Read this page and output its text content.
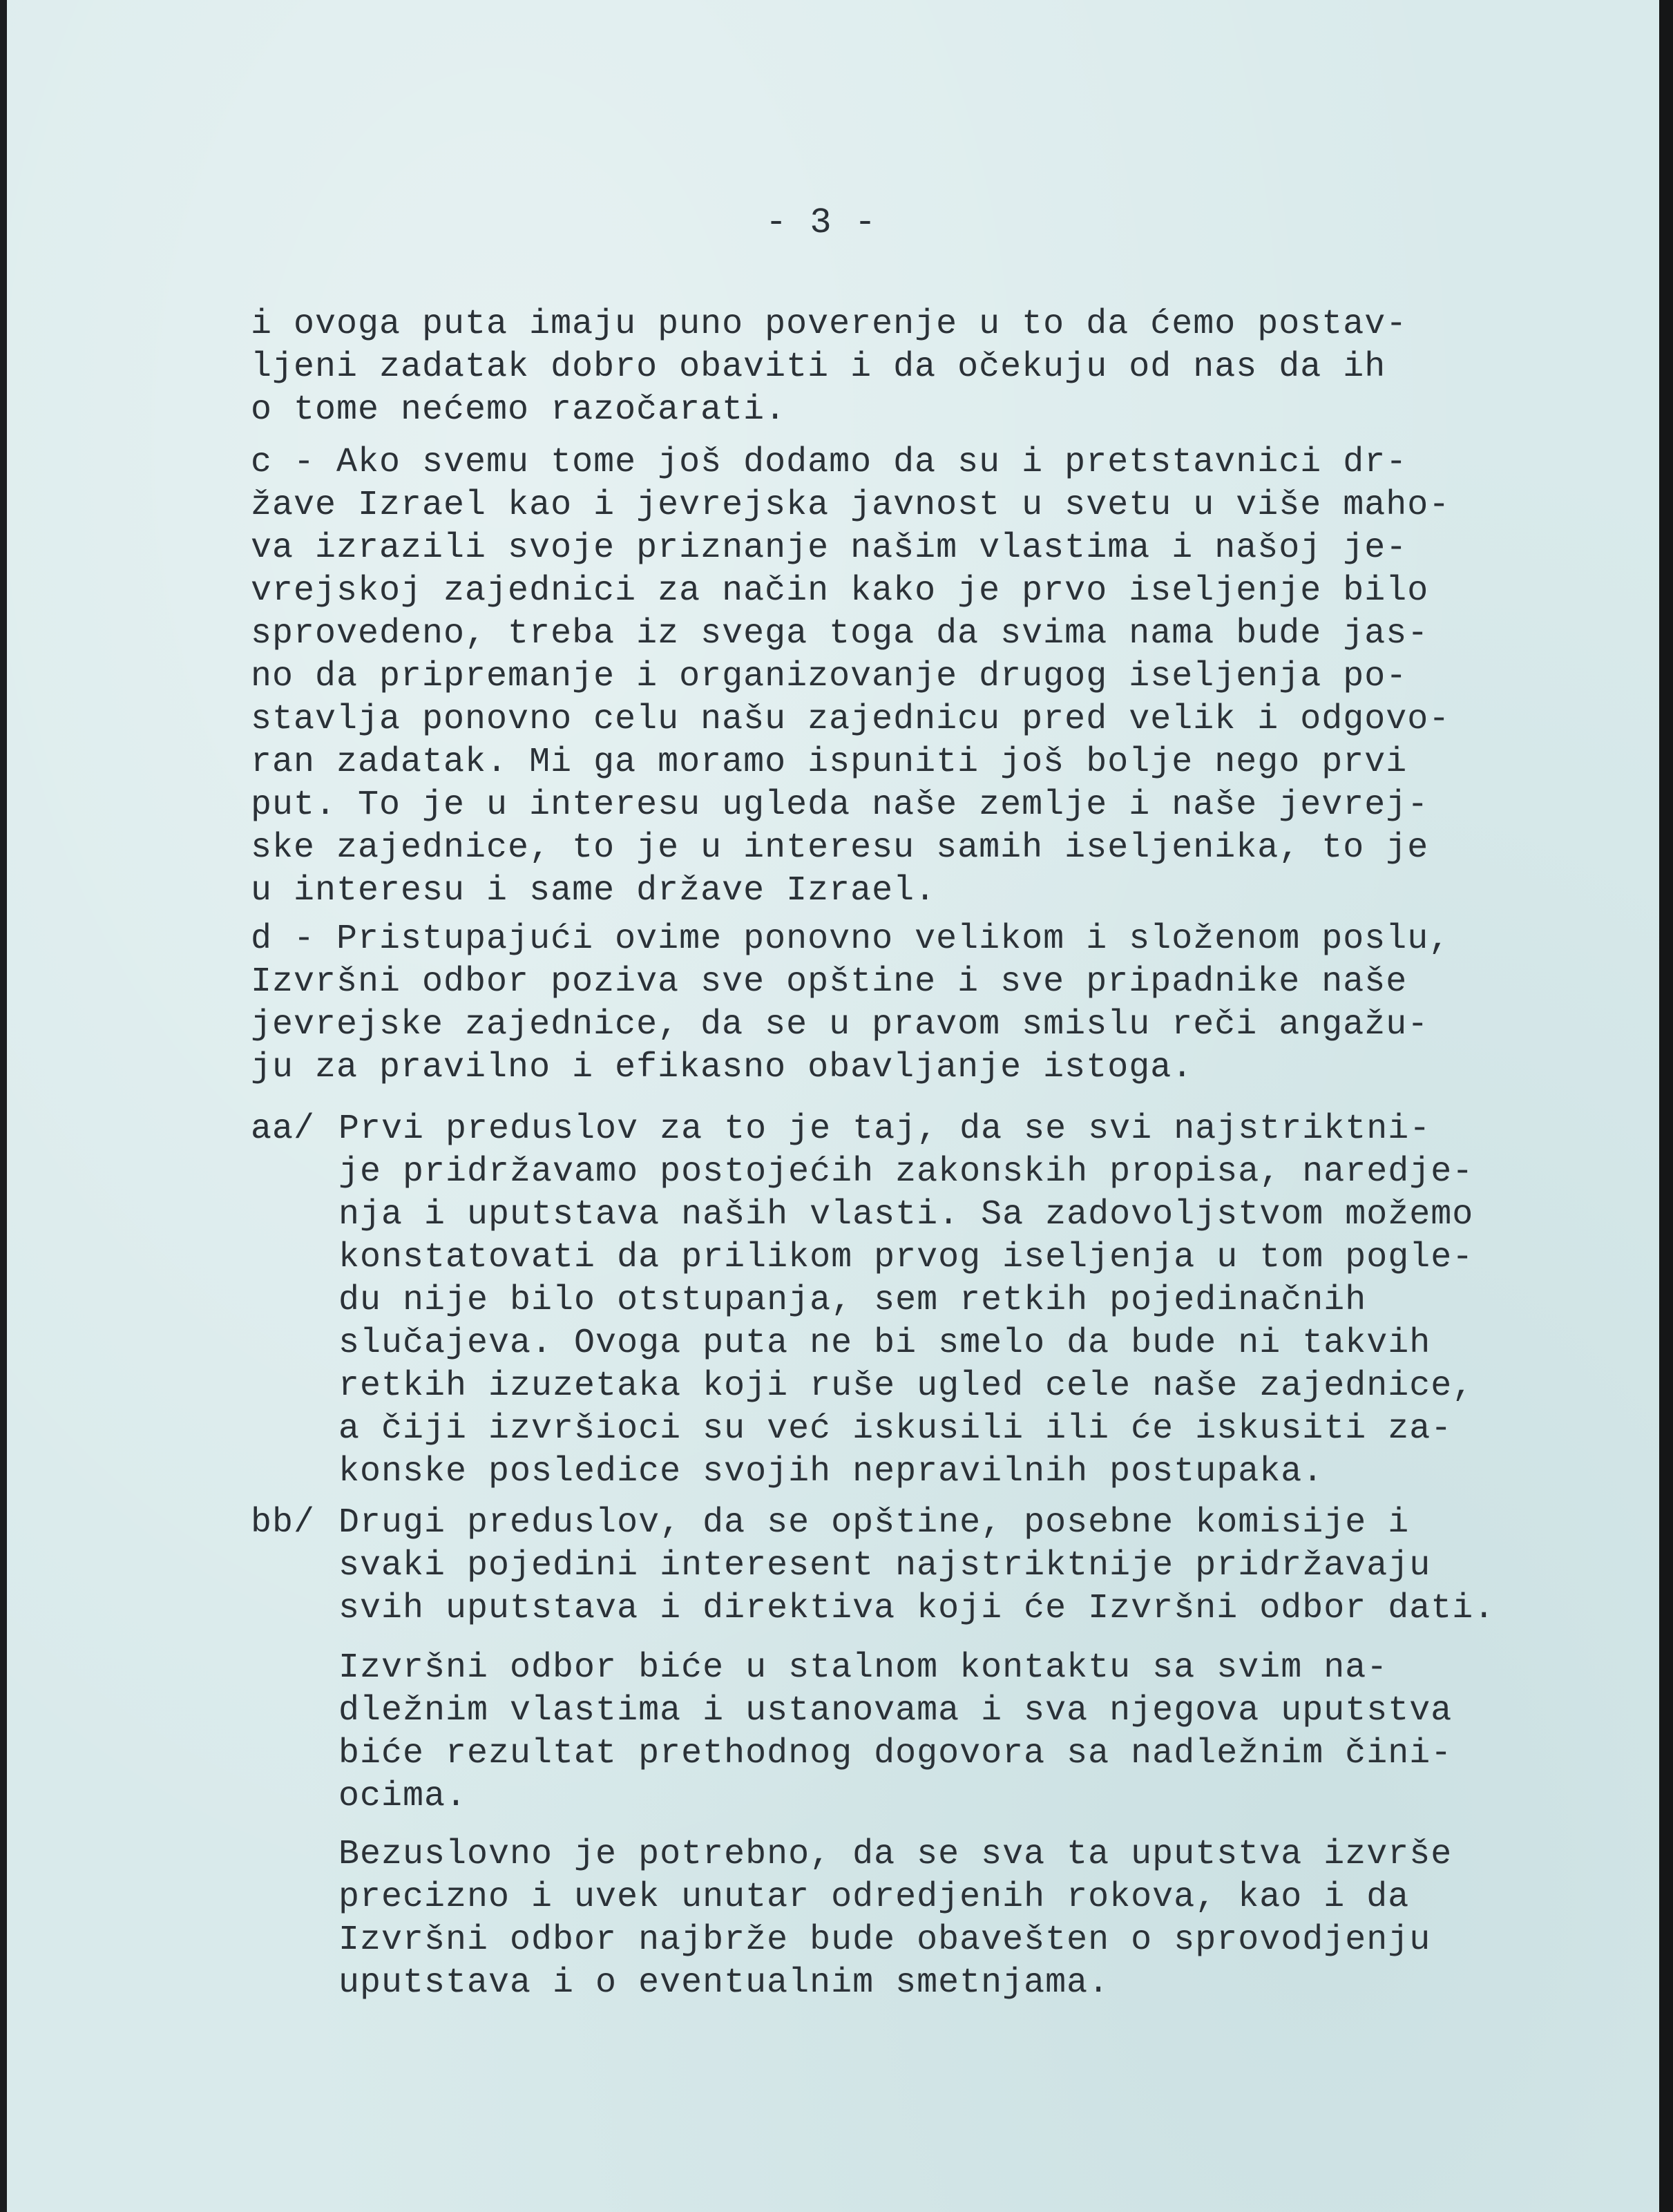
- 3 -
i ovoga puta imaju puno poverenje u to da ćemo postav-
ljeni zadatak dobro obaviti i da očekuju od nas da ih
o tome nećemo razočarati.
c - Ako svemu tome još dodamo da su i pretstavnici dr-
žave Izrael kao i jevrejska javnost u svetu u više maho-
va izrazili svoje priznanje našim vlastima i našoj je-
vrejskoj zajednici za način kako je prvo iseljenje bilo
sprovedeno, treba iz svega toga da svima nama bude jas-
no da pripremanje i organizovanje drugog iseljenja po-
stavlja ponovno celu našu zajednicu pred velik i odgovo-
ran zadatak. Mi ga moramo ispuniti još bolje nego prvi
put. To je u interesu ugleda naše zemlje i naše jevrej-
ske zajednice, to je u interesu samih iseljenika, to je
u interesu i same države Izrael.
d - Pristupajući ovime ponovno velikom i složenom poslu,
Izvršni odbor poziva sve opštine i sve pripadnike naše
jevrejske zajednice, da se u pravom smislu reči angažu-
ju za pravilno i efikasno obavljanje istoga.
aa/ Prvi preduslov za to je taj, da se svi najstriktni-
je pridržavamo postojećih zakonskih propisa, naredje-
nja i uputstava naših vlasti. Sa zadovoljstvom možemo
konstatovati da prilikom prvog iseljenja u tom pogle-
du nije bilo otstupanja, sem retkih pojedinačnih
slučajeva. Ovoga puta ne bi smelo da bude ni takvih
retkih izuzetaka koji ruše ugled cele naše zajednice,
a čiji izvršioci su već iskusili ili će iskusiti za-
konske posledice svojih nepravilnih postupaka.
bb/ Drugi preduslov, da se opštine, posebne komisije i
svaki pojedini interesent najstriktnije pridržavaju
svih uputstava i direktiva koji će Izvršni odbor dati.
Izvršni odbor biće u stalnom kontaktu sa svim na-
dležnim vlastima i ustanovama i sva njegova uputstva
biće rezultat prethodnog dogovora sa nadležnim čini-
ocima.
Bezuslovno je potrebno, da se sva ta uputstva izvrše
precizno i uvek unutar odredjenih rokova, kao i da
Izvršni odbor najbrže bude obavešten o sprovodjenju
uputstava i o eventualnim smetnjama.
